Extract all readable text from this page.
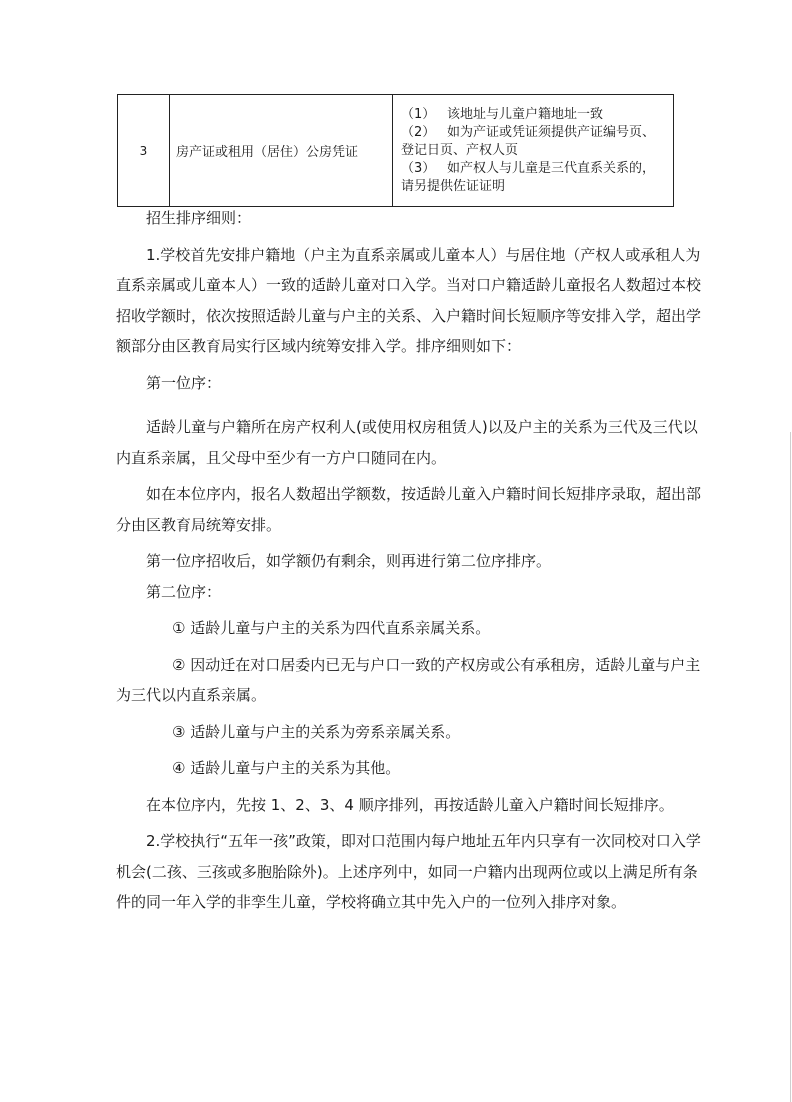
3	房产证或租用（居住）公房凭证	
（1） 该地址与儿童户籍地址一致
（2） 如为产证或凭证须提供产证编号页、登记日页、产权人页
（3） 如产权人与儿童是三代直系关系的，请另提供佐证证明

招生排序细则：

1.学校首先安排户籍地（户主为直系亲属或儿童本人）与居住地（产权人或承租人为直系亲属或儿童本人）一致的适龄儿童对口入学。当对口户籍适龄儿童报名人数超过本校招收学额时，依次按照适龄儿童与户主的关系、入户籍时间长短顺序等安排入学，超出学额部分由区教育局实行区域内统筹安排入学。排序细则如下：

第一位序：

适龄儿童与户籍所在房产权利人(或使用权房租赁人)以及户主的关系为三代及三代以内直系亲属，且父母中至少有一方户口随同在内。

如在本位序内，报名人数超出学额数，按适龄儿童入户籍时间长短排序录取，超出部分由区教育局统筹安排。

第一位序招收后，如学额仍有剩余，则再进行第二位序排序。

第二位序：

① 适龄儿童与户主的关系为四代直系亲属关系。

② 因动迁在对口居委内已无与户口一致的产权房或公有承租房，适龄儿童与户主为三代以内直系亲属。

③ 适龄儿童与户主的关系为旁系亲属关系。

④ 适龄儿童与户主的关系为其他。

在本位序内，先按 1、2、3、4 顺序排列，再按适龄儿童入户籍时间长短排序。

2.学校执行“五年一孩”政策，即对口范围内每户地址五年内只享有一次同校对口入学机会(二孩、三孩或多胞胎除外)。上述序列中，如同一户籍内出现两位或以上满足所有条件的同一年入学的非孪生儿童，学校将确立其中先入户的一位列入排序对象。
